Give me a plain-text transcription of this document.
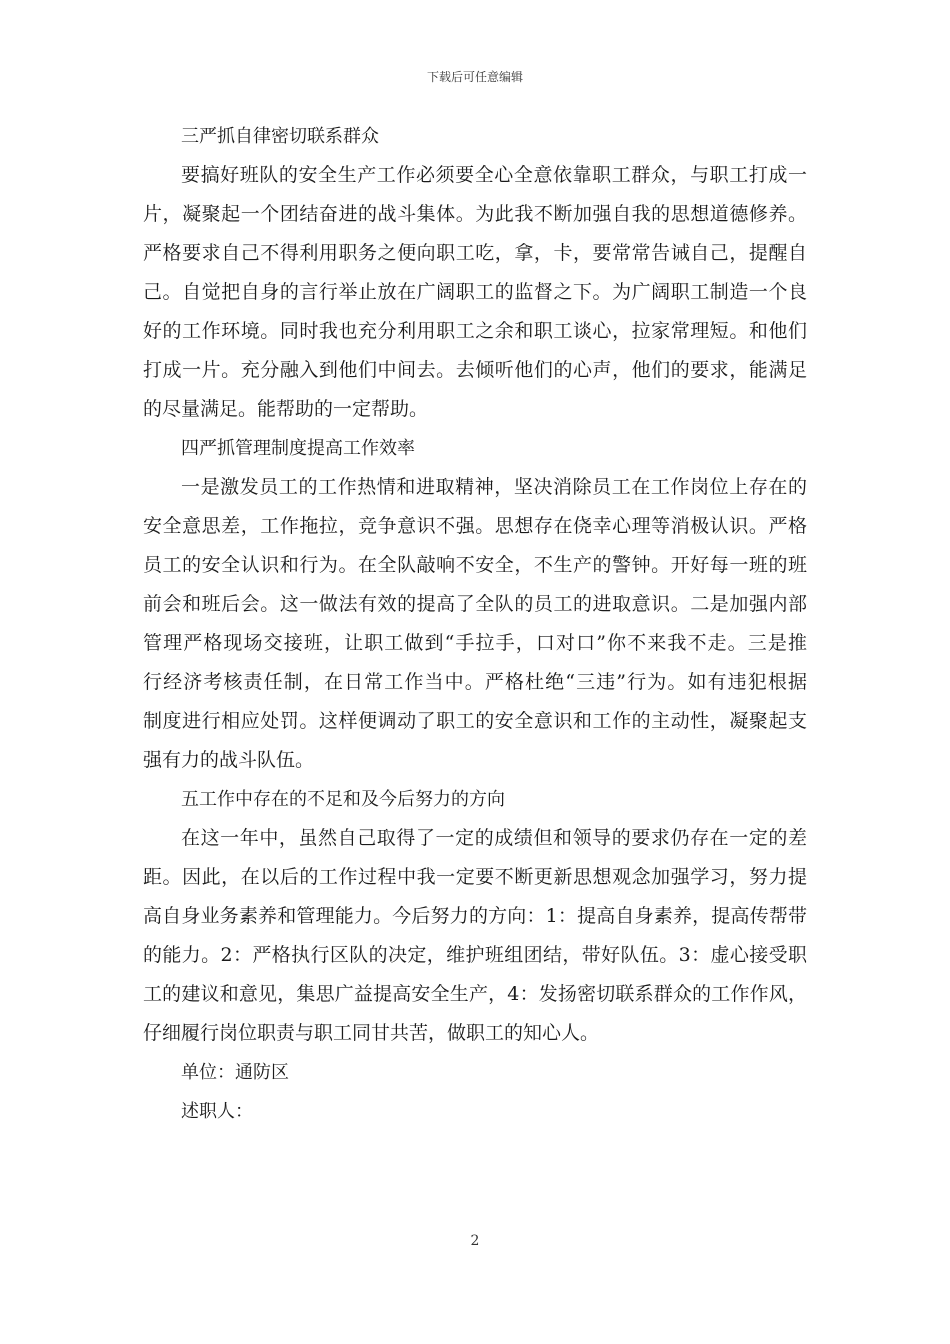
下载后可任意编辑

三严抓自律密切联系群众

要搞好班队的安全生产工作必须要全心全意依靠职工群众，与职工打成一
片，凝聚起一个团结奋进的战斗集体。为此我不断加强自我的思想道德修养。
严格要求自己不得利用职务之便向职工吃，拿，卡，要常常告诫自己，提醒自
己。自觉把自身的言行举止放在广阔职工的监督之下。为广阔职工制造一个良
好的工作环境。同时我也充分利用职工之余和职工谈心，拉家常理短。和他们
打成一片。充分融入到他们中间去。去倾听他们的心声，他们的要求，能满足
的尽量满足。能帮助的一定帮助。

四严抓管理制度提高工作效率

一是激发员工的工作热情和进取精神，坚决消除员工在工作岗位上存在的
安全意思差，工作拖拉，竞争意识不强。思想存在侥幸心理等消极认识。严格
员工的安全认识和行为。在全队敲响不安全，不生产的警钟。开好每一班的班
前会和班后会。这一做法有效的提高了全队的员工的进取意识。二是加强内部
管理严格现场交接班，让职工做到“手拉手，口对口”你不来我不走。三是推
行经济考核责任制，在日常工作当中。严格杜绝“三违”行为。如有违犯根据
制度进行相应处罚。这样便调动了职工的安全意识和工作的主动性，凝聚起支
强有力的战斗队伍。

五工作中存在的不足和及今后努力的方向

在这一年中，虽然自己取得了一定的成绩但和领导的要求仍存在一定的差
距。因此，在以后的工作过程中我一定要不断更新思想观念加强学习，努力提
高自身业务素养和管理能力。今后努力的方向：1：提高自身素养，提高传帮带
的能力。2：严格执行区队的决定，维护班组团结，带好队伍。3：虚心接受职
工的建议和意见，集思广益提高安全生产，4：发扬密切联系群众的工作作风，
仔细履行岗位职责与职工同甘共苦，做职工的知心人。

单位：通防区

述职人：

2
